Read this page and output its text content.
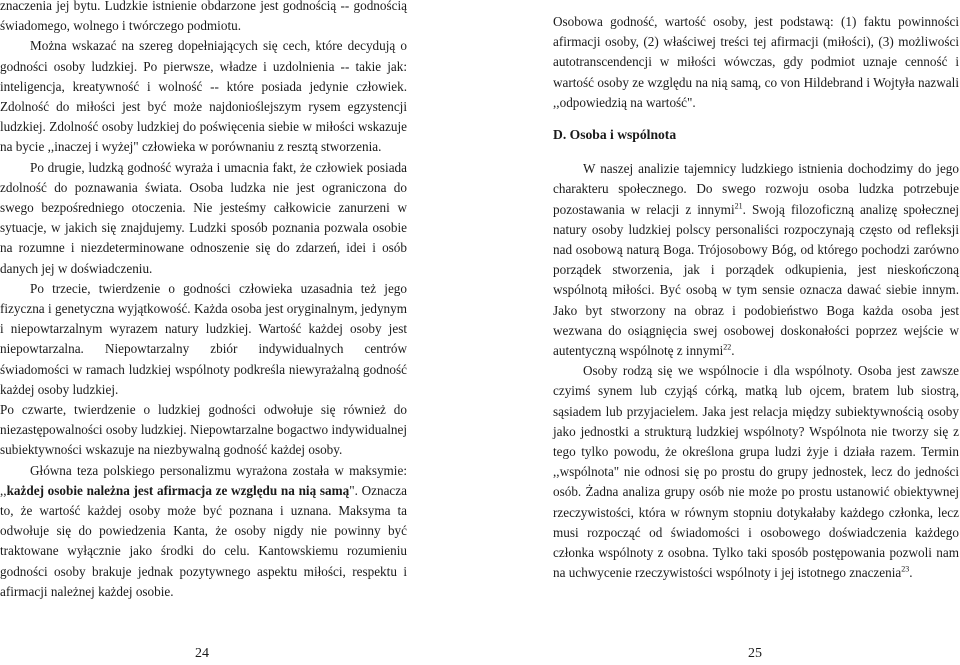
znaczenia jej bytu. Ludzkie istnienie obdarzone jest godnością -- godnością świadomego, wolnego i twórczego podmiotu.

Można wskazać na szereg dopełniających się cech, które decydują o godności osoby ludzkiej. Po pierwsze, władze i uzdolnienia -- takie jak: inteligencja, kreatywność i wolność -- które posiada jedynie człowiek. Zdolność do miłości jest być może najdonioślejszym rysem egzystencji ludzkiej. Zdolność osoby ludzkiej do poświęcenia siebie w miłości wskazuje na bycie ,,inaczej i wyżej" człowieka w porównaniu z resztą stworzenia.

Po drugie, ludzką godność wyraża i umacnia fakt, że człowiek posiada zdolność do poznawania świata. Osoba ludzka nie jest ograniczona do swego bezpośredniego otoczenia. Nie jesteśmy całkowicie zanurzeni w sytuacje, w jakich się znajdujemy. Ludzki sposób poznania pozwala osobie na rozumne i niezdeterminowane odnoszenie się do zdarzeń, idei i osób danych jej w doświadczeniu.

Po trzecie, twierdzenie o godności człowieka uzasadnia też jego fizyczna i genetyczna wyjątkowość. Każda osoba jest oryginalnym, jedynym i niepowtarzalnym wyrazem natury ludzkiej. Wartość każdej osoby jest niepowtarzalna. Niepowtarzalny zbiór indywidualnych centrów świadomości w ramach ludzkiej wspólnoty podkreśla niewyrażalną godność każdej osoby ludzkiej.

Po czwarte, twierdzenie o ludzkiej godności odwołuje się również do niezastępowalności osoby ludzkiej. Niepowtarzalne bogactwo indywidualnej subiektywności wskazuje na niezbywalną godność każdej osoby.

Główna teza polskiego personalizmu wyrażona została w maksymie: ,,każdej osobie należna jest afirmacja ze względu na nią samą". Oznacza to, że wartość każdej osoby może być poznana i uznana. Maksyma ta odwołuje się do powiedzenia Kanta, że osoby nigdy nie powinny być traktowane wyłącznie jako środki do celu. Kantowskiemu rozumieniu godności osoby brakuje jednak pozytywnego aspektu miłości, respektu i afirmacji należnej każdej osobie.

Osobowa godność, wartość osoby, jest podstawą: (1) faktu powinności afirmacji osoby, (2) właściwej treści tej afirmacji (miłości), (3) możliwości autotranscendencji w miłości wówczas, gdy podmiot uznaje cenność i wartość osoby ze względu na nią samą, co von Hildebrand i Wojtyła nazwali ,,odpowiedzią na wartość".

D. Osoba i wspólnota

W naszej analizie tajemnicy ludzkiego istnienia dochodzimy do jego charakteru społecznego. Do swego rozwoju osoba ludzka potrzebuje pozostawania w relacji z innymi$^{21}$. Swoją filozoficzną analizę społecznej natury osoby ludzkiej polscy personaliści rozpoczynają często od refleksji nad osobową naturą Boga. Trójosobowy Bóg, od którego pochodzi zarówno porządek stworzenia, jak i porządek odkupienia, jest nieskończoną wspólnotą miłości. Być osobą w tym sensie oznacza dawać siebie innym. Jako byt stworzony na obraz i podobieństwo Boga każda osoba jest wezwana do osiągnięcia swej osobowej doskonałości poprzez wejście w autentyczną wspólnotę z innymi$^{22}$.

Osoby rodzą się we wspólnocie i dla wspólnoty. Osoba jest zawsze czyimś synem lub czyjąś córką, matką lub ojcem, bratem lub siostrą, sąsiadem lub przyjacielem. Jaka jest relacja między subiektywnością osoby jako jednostki a strukturą ludzkiej wspólnoty? Wspólnota nie tworzy się z tego tylko powodu, że określona grupa ludzi żyje i działa razem. Termin ,,wspólnota" nie odnosi się po prostu do grupy jednostek, lecz do jedności osób. Żadna analiza grupy osób nie może po prostu ustanowić obiektywnej rzeczywistości, która w równym stopniu dotykałaby każdego członka, lecz musi rozpocząć od świadomości i osobowego doświadczenia każdego członka wspólnoty z osobna. Tylko taki sposób postępowania pozwoli nam na uchwycenie rzeczywistości wspólnoty i jej istotnego znaczenia$^{23}$.

24	25
